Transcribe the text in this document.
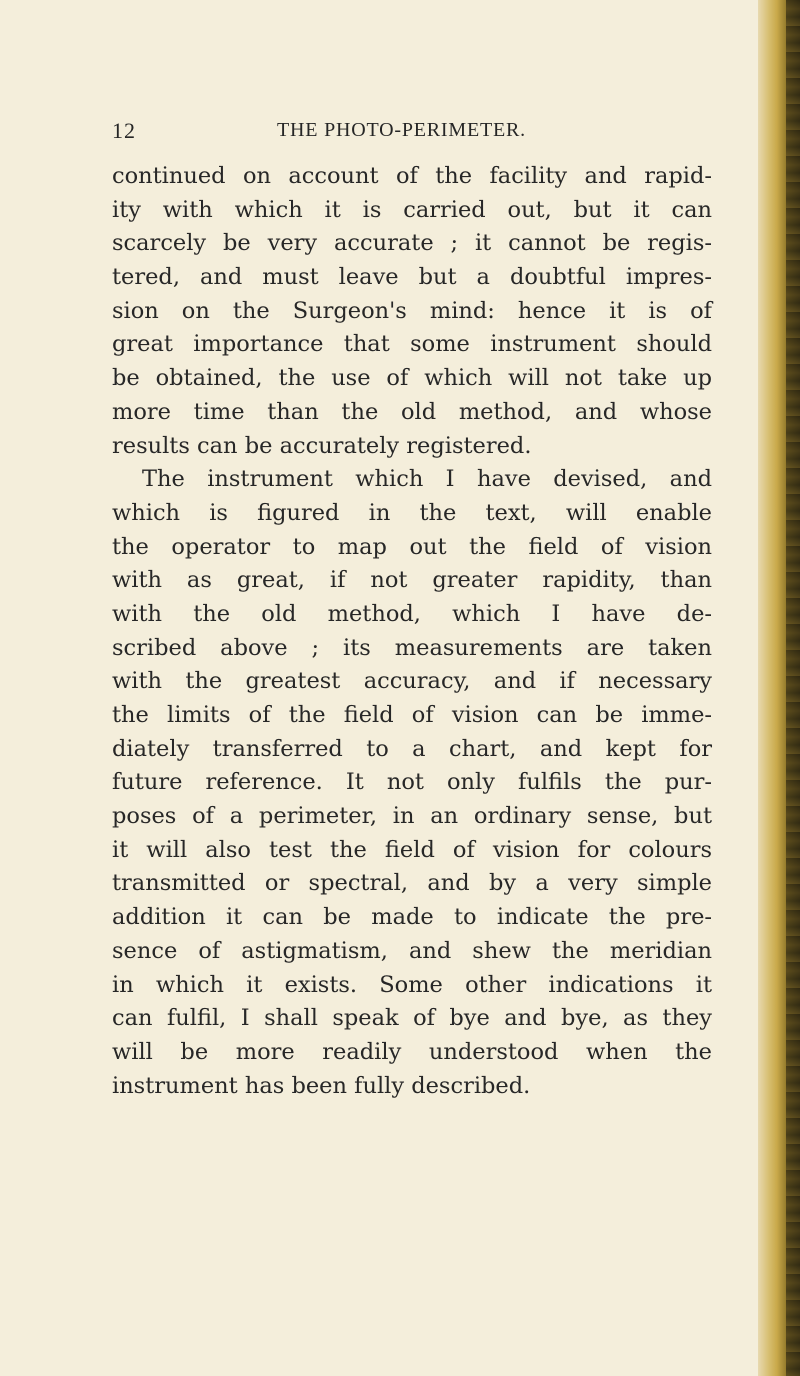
12	THE PHOTO-PERIMETER.
continued on account of the facility and rapid-
ity with which it is carried out, but it can
scarcely be very accurate ; it cannot be regis-
tered, and must leave but a doubtful impres-
sion on the Surgeon's mind: hence it is of
great importance that some instrument should
be obtained, the use of which will not take up
more time than the old method, and whose
results can be accurately registered.
The instrument which I have devised, and
which is figured in the text, will enable
the operator to map out the field of vision
with as great, if not greater rapidity, than
with the old method, which I have de-
scribed above ; its measurements are taken
with the greatest accuracy, and if necessary
the limits of the field of vision can be imme-
diately transferred to a chart, and kept for
future reference. It not only fulfils the pur-
poses of a perimeter, in an ordinary sense, but
it will also test the field of vision for colours
transmitted or spectral, and by a very simple
addition it can be made to indicate the pre-
sence of astigmatism, and shew the meridian
in which it exists. Some other indications it
can fulfil, I shall speak of bye and bye, as they
will be more readily understood when the
instrument has been fully described.
